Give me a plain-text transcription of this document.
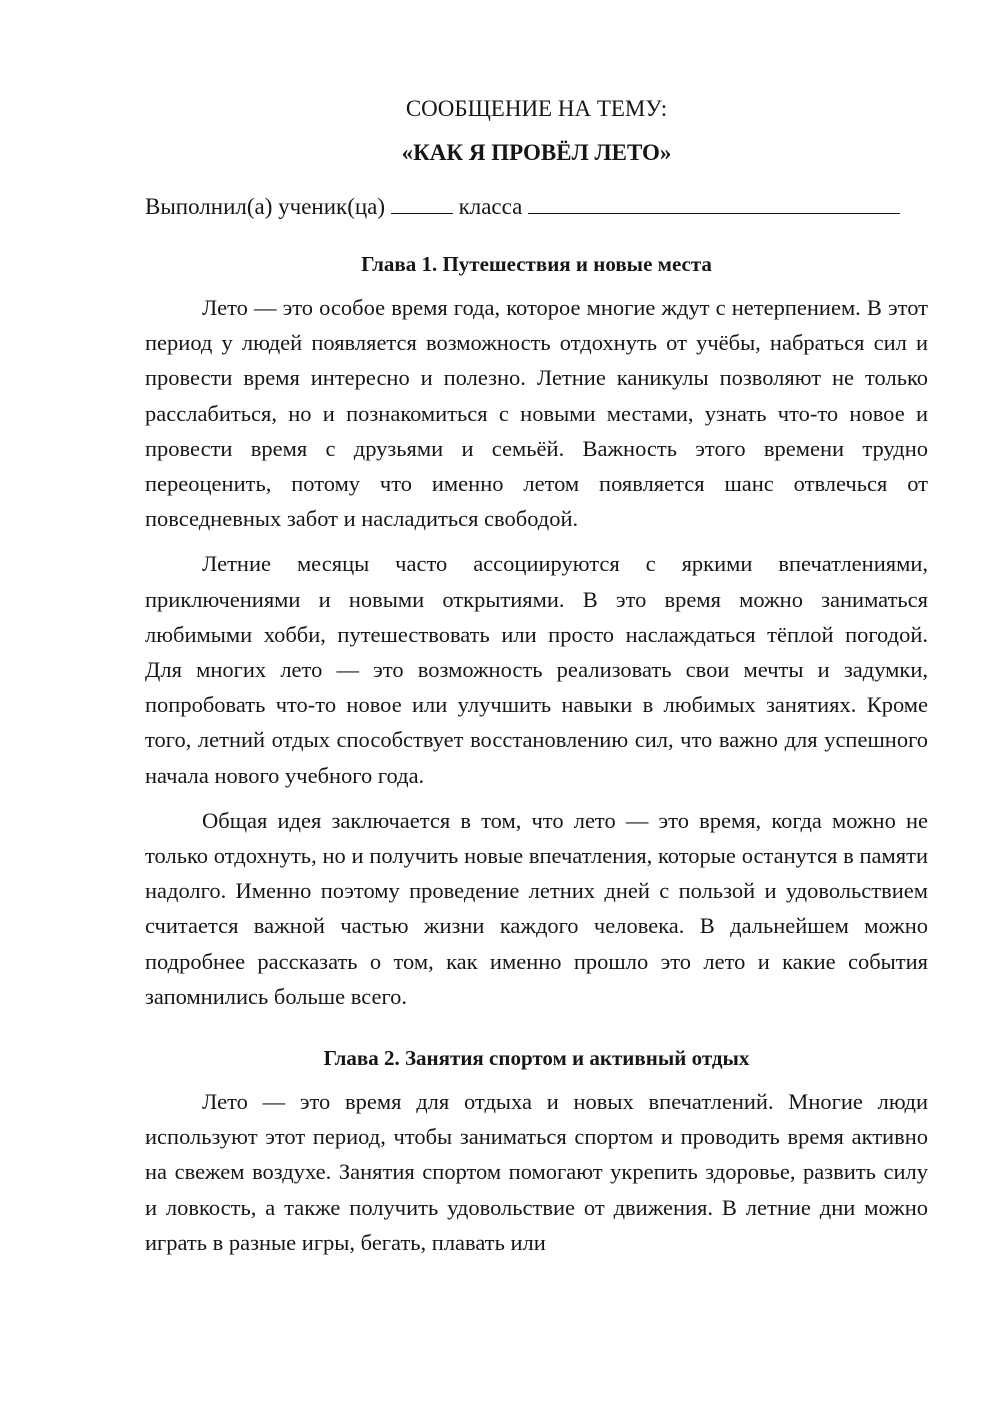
СООБЩЕНИЕ НА ТЕМУ:

«КАК Я ПРОВЁЛ ЛЕТО»

Выполнил(а) ученик(ца)	класса

Глава 1. Путешествия и новые места

Лето — это особое время года, которое многие ждут с нетерпением. В этот период у людей появляется возможность отдохнуть от учёбы, набраться сил и провести время интересно и полезно. Летние каникулы позволяют не только расслабиться, но и познакомиться с новыми местами, узнать что-то новое и провести время с друзьями и семьёй. Важность этого времени трудно переоценить, потому что именно летом появляется шанс отвлечься от повседневных забот и насладиться свободой.

Летние месяцы часто ассоциируются с яркими впечатлениями, приключениями и новыми открытиями. В это время можно заниматься любимыми хобби, путешествовать или просто наслаждаться тёплой погодой. Для многих лето — это возможность реализовать свои мечты и задумки, попробовать что-то новое или улучшить навыки в любимых занятиях. Кроме того, летний отдых способствует восстановлению сил, что важно для успешного начала нового учебного года.

Общая идея заключается в том, что лето — это время, когда можно не только отдохнуть, но и получить новые впечатления, которые останутся в памяти надолго. Именно поэтому проведение летних дней с пользой и удовольствием считается важной частью жизни каждого человека. В дальнейшем можно подробнее рассказать о том, как именно прошло это лето и какие события запомнились больше всего.

Глава 2. Занятия спортом и активный отдых

Лето — это время для отдыха и новых впечатлений. Многие люди используют этот период, чтобы заниматься спортом и проводить время активно на свежем воздухе. Занятия спортом помогают укрепить здоровье, развить силу и ловкость, а также получить удовольствие от движения. В летние дни можно играть в разные игры, бегать, плавать или
